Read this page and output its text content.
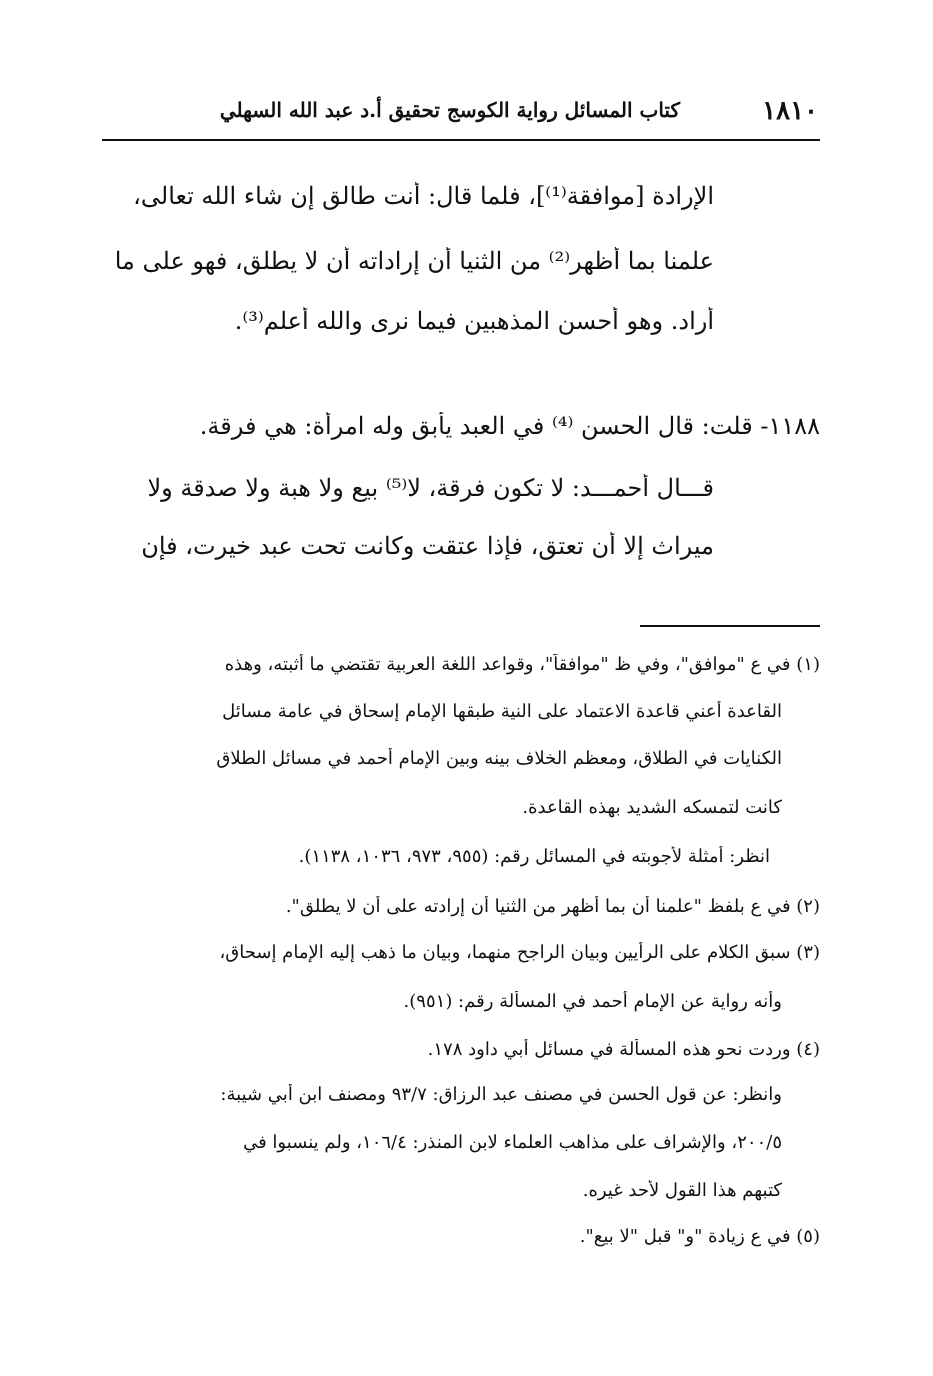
١٨١٠
كتاب المسائل رواية الكوسج تحقيق أ.د عبد الله السهلي
الإرادة [موافقة⁽¹⁾]، فلما قال: أنت طالق إن شاء الله تعالى،
علمنا بما أظهر⁽²⁾ من الثنيا أن إراداته أن لا يطلق، فهو على ما
أراد. وهو أحسن المذهبين فيما نرى والله أعلم⁽³⁾.
١١٨٨- قلت: قال الحسن ⁽⁴⁾ في العبد يأبق وله امرأة: هي فرقة.
قـــال أحمـــد: لا تكون فرقة، لا⁽⁵⁾ بيع ولا هبة ولا صدقة ولا
ميراث إلا أن تعتق، فإذا عتقت وكانت تحت عبد خيرت، فإن
(١) في ع "موافق"، وفي ظ "موافقاً"، وقواعد اللغة العربية تقتضي ما أثبته، وهذه
القاعدة أعني قاعدة الاعتماد على النية طبقها الإمام إسحاق في عامة مسائل
الكنايات في الطلاق، ومعظم الخلاف بينه وبين الإمام أحمد في مسائل الطلاق
كانت لتمسكه الشديد بهذه القاعدة.
انظر: أمثلة لأجوبته في المسائل رقم: (٩٥٥، ٩٧٣، ١٠٣٦، ١١٣٨).
(٢) في ع بلفظ "علمنا أن بما أظهر من الثنيا أن إرادته على أن لا يطلق".
(٣) سبق الكلام على الرأيين وبيان الراجح منهما، وبيان ما ذهب إليه الإمام إسحاق،
وأنه رواية عن الإمام أحمد في المسألة رقم: (٩٥١).
(٤) وردت نحو هذه المسألة في مسائل أبي داود ١٧٨.
وانظر: عن قول الحسن في مصنف عبد الرزاق: ٩٣/٧ ومصنف ابن أبي شيبة:
٢٠٠/٥، والإشراف على مذاهب العلماء لابن المنذر: ١٠٦/٤، ولم ينسبوا في
كتبهم هذا القول لأحد غيره.
(٥) في ع زيادة "و" قبل "لا بيع".
